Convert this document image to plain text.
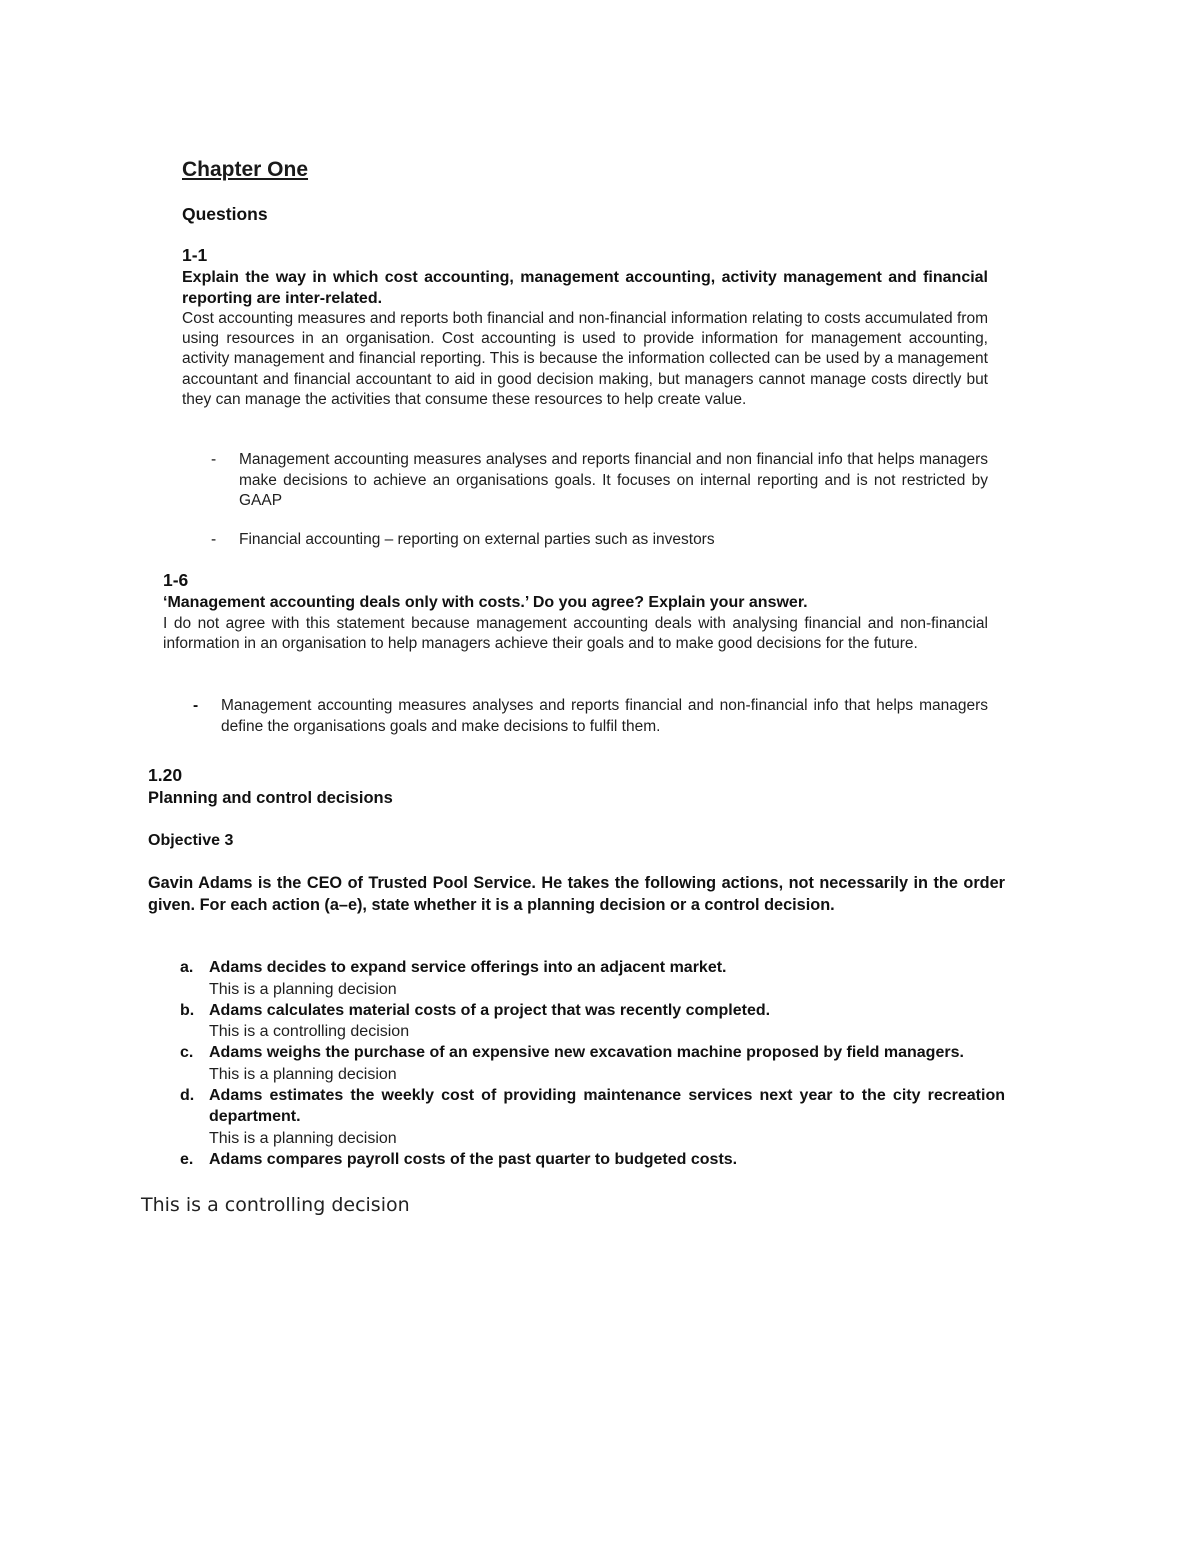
Chapter One
Questions
1-1
Explain the way in which cost accounting, management accounting, activity management and financial reporting are inter-related.
Cost accounting measures and reports both financial and non-financial information relating to costs accumulated from using resources in an organisation. Cost accounting is used to provide information for management accounting, activity management and financial reporting. This is because the information collected can be used by a management accountant and financial accountant to aid in good decision making, but managers cannot manage costs directly but they can manage the activities that consume these resources to help create value.
-	Management accounting measures analyses and reports financial and non financial info that helps managers make decisions to achieve an organisations goals. It focuses on internal reporting and is not restricted by GAAP
-	Financial accounting – reporting on external parties such as investors
1-6
‘Management accounting deals only with costs.’ Do you agree? Explain your answer.
I do not agree with this statement because management accounting deals with analysing financial and non-financial information in an organisation to help managers achieve their goals and to make good decisions for the future.
-	Management accounting measures analyses and reports financial and non-financial info that helps managers define the organisations goals and make decisions to fulfil them.
1.20
Planning and control decisions
Objective 3
Gavin Adams is the CEO of Trusted Pool Service. He takes the following actions, not necessarily in the order given. For each action (a–e), state whether it is a planning decision or a control decision.
a. Adams decides to expand service offerings into an adjacent market.
This is a planning decision
b. Adams calculates material costs of a project that was recently completed.
This is a controlling decision
c. Adams weighs the purchase of an expensive new excavation machine proposed by field managers.
This is a planning decision
d. Adams estimates the weekly cost of providing maintenance services next year to the city recreation department.
This is a planning decision
e. Adams compares payroll costs of the past quarter to budgeted costs.
This is a controlling decision
